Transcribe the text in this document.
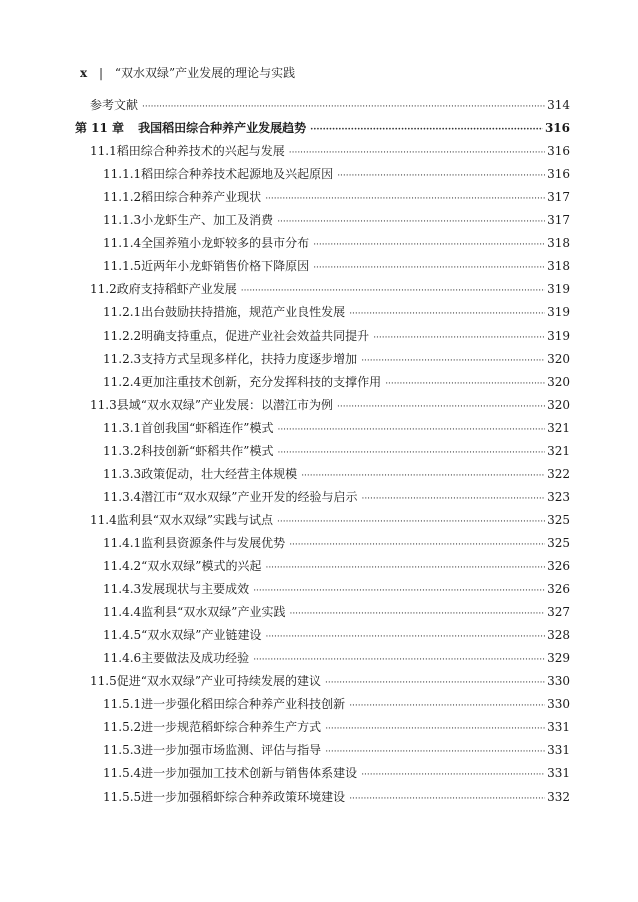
x | “双水双绿”产业发展的理论与实践
参考文献 ·····	314
第 11 章 我国稻田综合种养产业发展趋势 ·····	316
11.1 稻田综合种养技术的兴起与发展 ·····	316
11.1.1 稻田综合种养技术起源地及兴起原因 ·····	316
11.1.2 稻田综合种养产业现状 ·····	317
11.1.3 小龙虾生产、加工及消费 ·····	317
11.1.4 全国养殖小龙虾较多的县市分布 ·····	318
11.1.5 近两年小龙虾销售价格下降原因 ·····	318
11.2 政府支持稻虾产业发展 ·····	319
11.2.1 出台鼓励扶持措施，规范产业良性发展 ·····	319
11.2.2 明确支持重点，促进产业社会效益共同提升 ·····	319
11.2.3 支持方式呈现多样化，扶持力度逐步增加 ·····	320
11.2.4 更加注重技术创新，充分发挥科技的支撑作用 ·····	320
11.3 县域“双水双绿”产业发展：以潜江市为例 ·····	320
11.3.1 首创我国“虾稻连作”模式 ·····	321
11.3.2 科技创新“虾稻共作”模式 ·····	321
11.3.3 政策促动，壮大经营主体规模 ·····	322
11.3.4 潜江市“双水双绿”产业开发的经验与启示 ·····	323
11.4 监利县“双水双绿”实践与试点 ·····	325
11.4.1 监利县资源条件与发展优势 ·····	325
11.4.2 “双水双绿”模式的兴起 ·····	326
11.4.3 发展现状与主要成效 ·····	326
11.4.4 监利县“双水双绿”产业实践 ·····	327
11.4.5 “双水双绿”产业链建设 ·····	328
11.4.6 主要做法及成功经验 ·····	329
11.5 促进“双水双绿”产业可持续发展的建议 ·····	330
11.5.1 进一步强化稻田综合种养产业科技创新 ·····	330
11.5.2 进一步规范稻虾综合种养生产方式 ·····	331
11.5.3 进一步加强市场监测、评估与指导 ·····	331
11.5.4 进一步加强加工技术创新与销售体系建设 ·····	331
11.5.5 进一步加强稻虾综合种养政策环境建设 ·····	332
